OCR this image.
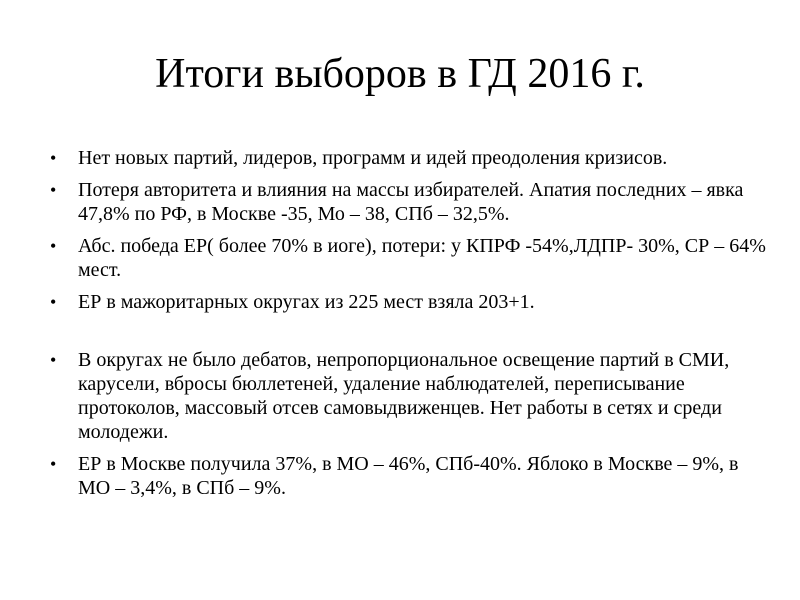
Итоги выборов в ГД 2016 г.
• Нет новых партий, лидеров, программ и идей преодоления кризисов.
• Потеря авторитета и влияния на массы избирателей. Апатия последних – явка 47,8% по РФ, в Москве -35, Мо – 38, СПб – 32,5%.
• Абс. победа ЕР( более 70% в иоге), потери: у КПРФ -54%,ЛДПР- 30%, СР – 64% мест.
• ЕР в мажоритарных округах из 225 мест взяла 203+1.
• В округах не было дебатов, непропорциональное освещение партий в СМИ, карусели, вбросы бюллетеней, удаление наблюдателей, переписывание протоколов, массовый отсев самовыдвиженцев. Нет работы в сетях и среди молодежи.
• ЕР в Москве получила 37%, в МО – 46%, СПб-40%. Яблоко в Москве – 9%, в МО – 3,4%, в СПб – 9%.
